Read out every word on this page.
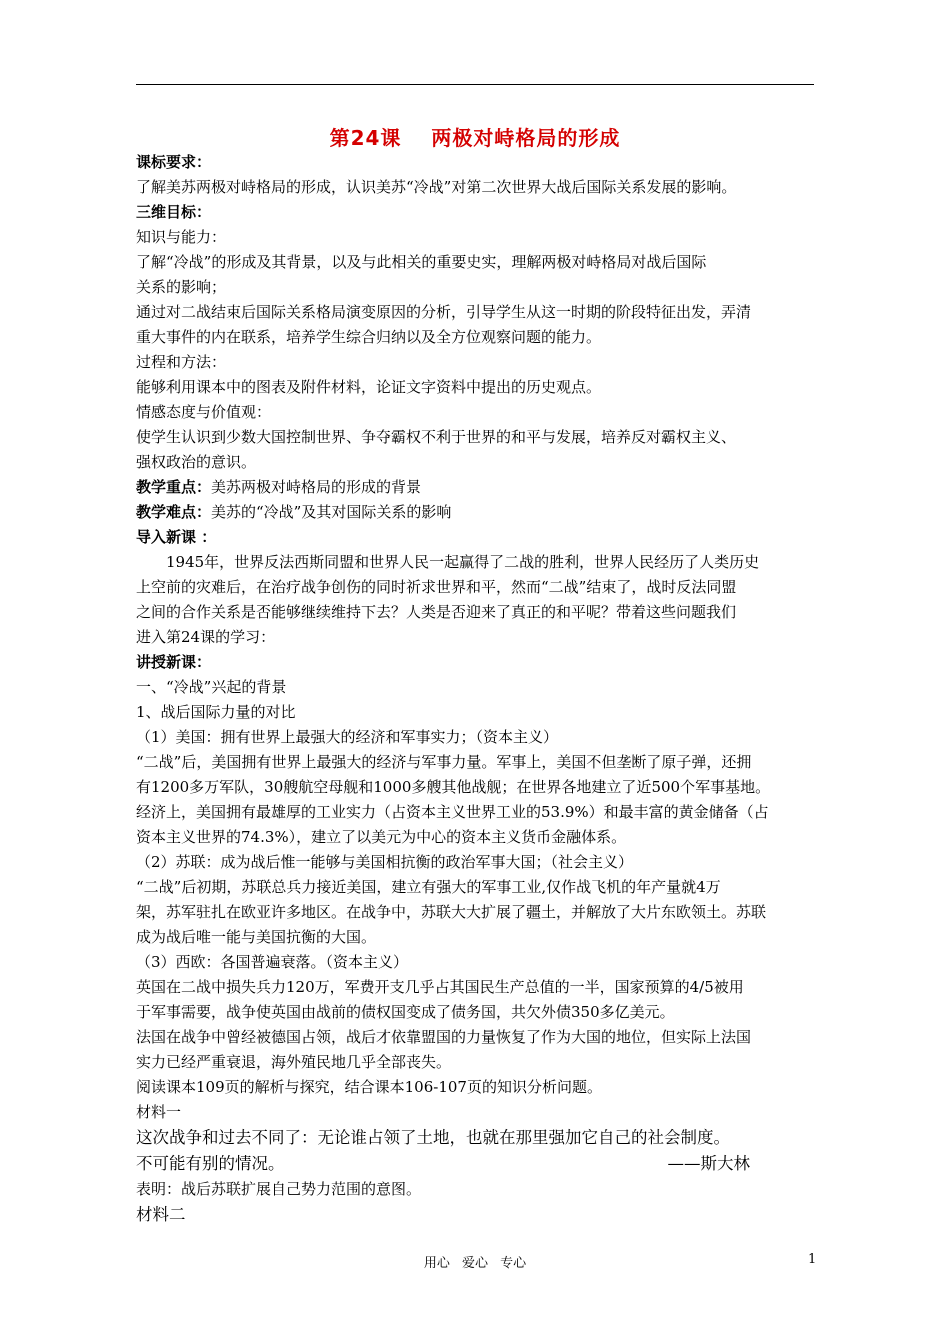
第24课 两极对峙格局的形成
课标要求：
了解美苏两极对峙格局的形成，认识美苏“冷战”对第二次世界大战后国际关系发展的影响。
三维目标：
知识与能力：
了解“冷战”的形成及其背景，以及与此相关的重要史实，理解两极对峙格局对战后国际
关系的影响；
通过对二战结束后国际关系格局演变原因的分析，引导学生从这一时期的阶段特征出发，弄清
重大事件的内在联系，培养学生综合归纳以及全方位观察问题的能力。
过程和方法：
能够利用课本中的图表及附件材料，论证文字资料中提出的历史观点。
情感态度与价值观：
使学生认识到少数大国控制世界、争夺霸权不利于世界的和平与发展，培养反对霸权主义、
强权政治的意识。
教学重点：美苏两极对峙格局的形成的背景
教学难点：美苏的“冷战”及其对国际关系的影响
导入新课 ：
1945年，世界反法西斯同盟和世界人民一起赢得了二战的胜利，世界人民经历了人类历史
上空前的灾难后，在治疗战争创伤的同时祈求世界和平，然而“二战”结束了，战时反法同盟
之间的合作关系是否能够继续维持下去？人类是否迎来了真正的和平呢？带着这些问题我们
进入第24课的学习：
讲授新课：
一、“冷战”兴起的背景
1、战后国际力量的对比
（1）美国：拥有世界上最强大的经济和军事实力；（资本主义）
“二战”后，美国拥有世界上最强大的经济与军事力量。军事上，美国不但垄断了原子弹，还拥
有1200多万军队，30艘航空母舰和1000多艘其他战舰；在世界各地建立了近500个军事基地。
经济上，美国拥有最雄厚的工业实力（占资本主义世界工业的53.9%）和最丰富的黄金储备（占
资本主义世界的74.3%），建立了以美元为中心的资本主义货币金融体系。
（2）苏联：成为战后惟一能够与美国相抗衡的政治军事大国；（社会主义）
“二战”后初期，苏联总兵力接近美国，建立有强大的军事工业,仅作战飞机的年产量就4万
架，苏军驻扎在欧亚许多地区。在战争中，苏联大大扩展了疆土，并解放了大片东欧领土。苏联
成为战后唯一能与美国抗衡的大国。
（3）西欧：各国普遍衰落。（资本主义）
英国在二战中损失兵力120万，军费开支几乎占其国民生产总值的一半，国家预算的4/5被用
于军事需要，战争使英国由战前的债权国变成了债务国，共欠外债350多亿美元。
法国在战争中曾经被德国占领，战后才依靠盟国的力量恢复了作为大国的地位，但实际上法国
实力已经严重衰退，海外殖民地几乎全部丧失。
阅读课本109页的解析与探究，结合课本106-107页的知识分析问题。
材料一
这次战争和过去不同了：无论谁占领了土地，也就在那里强加它自己的社会制度。
不可能有别的情况。	——斯大林
表明：战后苏联扩展自己势力范围的意图。
材料二
用心 爱心 专心	1
